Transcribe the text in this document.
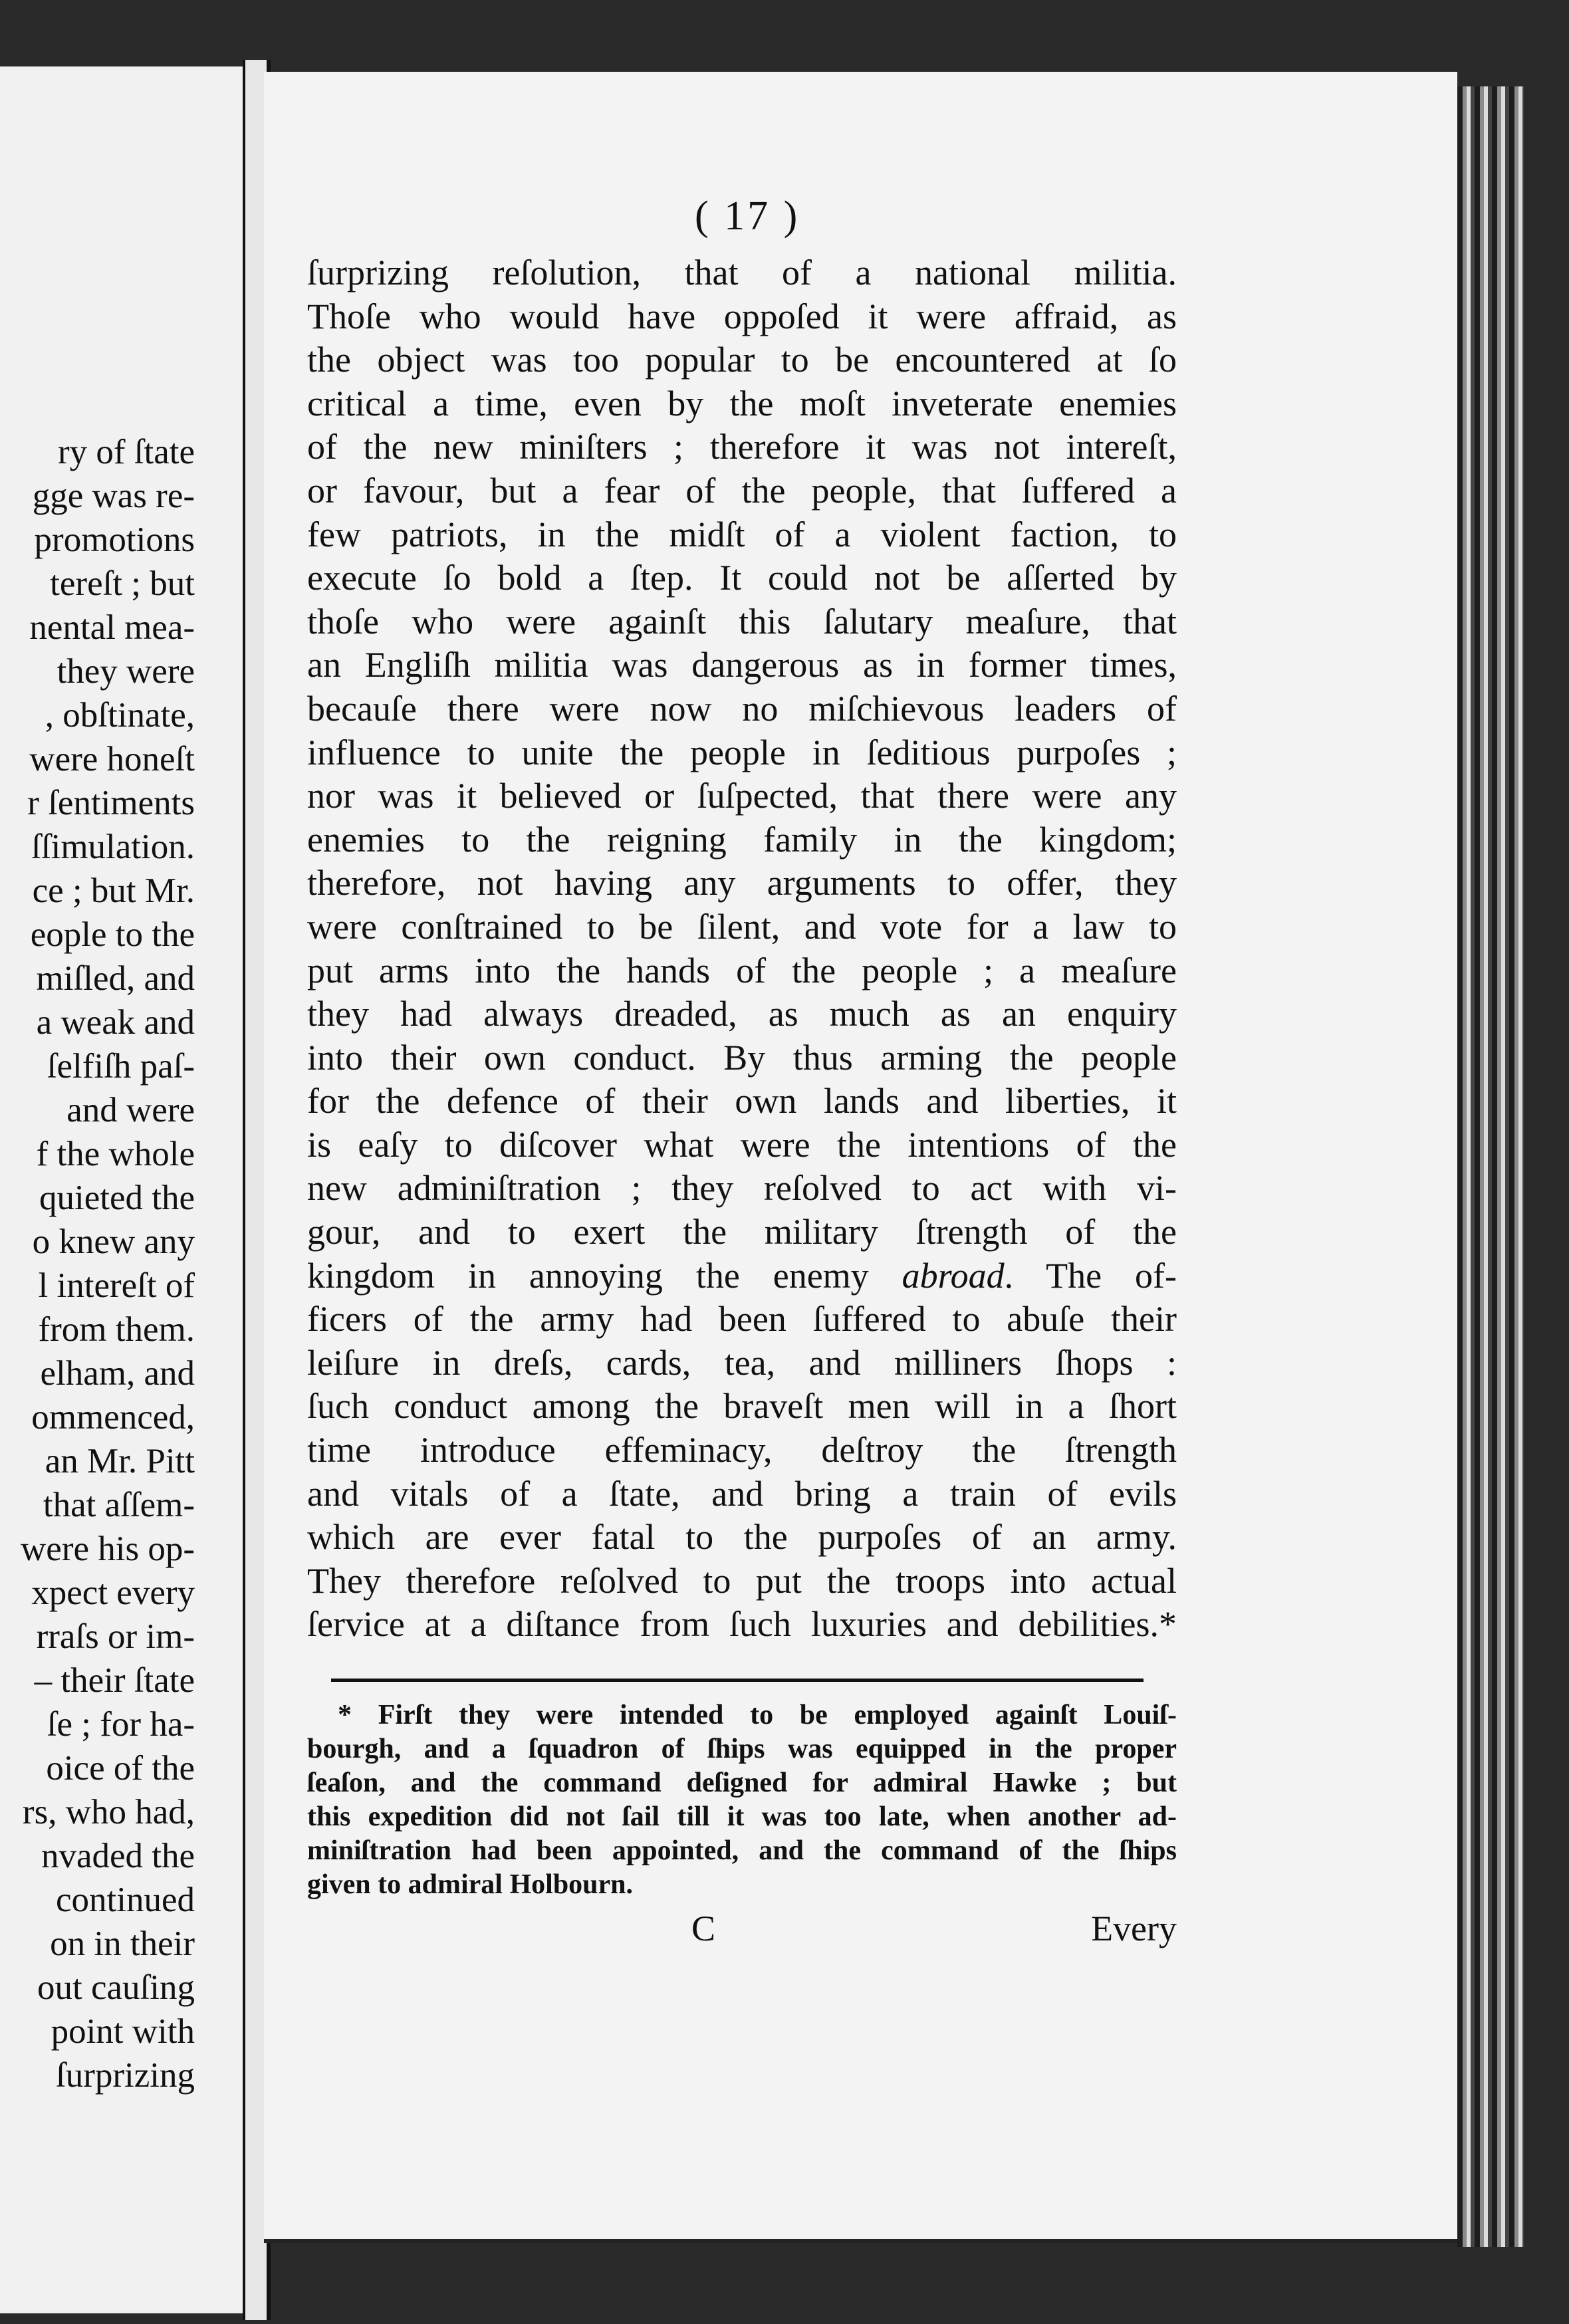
ry of ſtate
gge was re-
promotions
tereſt ; but
nental mea-
they were
, obſtinate,
were honeſt
r ſentiments
ſſimulation.
ce ; but Mr.
eople to the
miſled, and
a weak and
ſelfiſh paſ-
and were
f the whole
quieted the
o knew any
l intereſt of
from them.
elham, and
ommenced,
an Mr. Pitt
that aſſem-
were his op-
xpect every
rraſs or im-
– their ſtate
ſe ; for ha-
oice of the
rs, who had,
nvaded the
continued
on in their
out cauſing
point with
ſurprizing
( 17 )
ſurprizing reſolution, that of a national militia.
Thoſe who would have oppoſed it were affraid, as
the object was too popular to be encountered at ſo
critical a time, even by the moſt inveterate enemies
of the new miniſters ; therefore it was not intereſt,
or favour, but a fear of the people, that ſuffered a
few patriots, in the midſt of a violent faction, to
execute ſo bold a ſtep. It could not be aſſerted by
thoſe who were againſt this ſalutary meaſure, that
an Engliſh militia was dangerous as in former times,
becauſe there were now no miſchievous leaders of
influence to unite the people in ſeditious purpoſes ;
nor was it believed or ſuſpected, that there were any
enemies to the reigning family in the kingdom;
therefore, not having any arguments to offer, they
were conſtrained to be ſilent, and vote for a law to
put arms into the hands of the people ; a meaſure
they had always dreaded, as much as an enquiry
into their own conduct. By thus arming the people
for the defence of their own lands and liberties, it
is eaſy to diſcover what were the intentions of the
new adminiſtration ; they reſolved to act with vi-
gour, and to exert the military ſtrength of the
kingdom in annoying the enemy abroad. The of-
ficers of the army had been ſuffered to abuſe their
leiſure in dreſs, cards, tea, and milliners ſhops :
ſuch conduct among the braveſt men will in a ſhort
time introduce effeminacy, deſtroy the ſtrength
and vitals of a ſtate, and bring a train of evils
which are ever fatal to the purpoſes of an army.
They therefore reſolved to put the troops into actual
ſervice at a diſtance from ſuch luxuries and debilities.*
* Firſt they were intended to be employed againſt Louiſ-
bourgh, and a ſquadron of ſhips was equipped in the proper
ſeaſon, and the command deſigned for admiral Hawke ; but
this expedition did not ſail till it was too late, when another ad-
miniſtration had been appointed, and the command of the ſhips
given to admiral Holbourn.
C	Every
